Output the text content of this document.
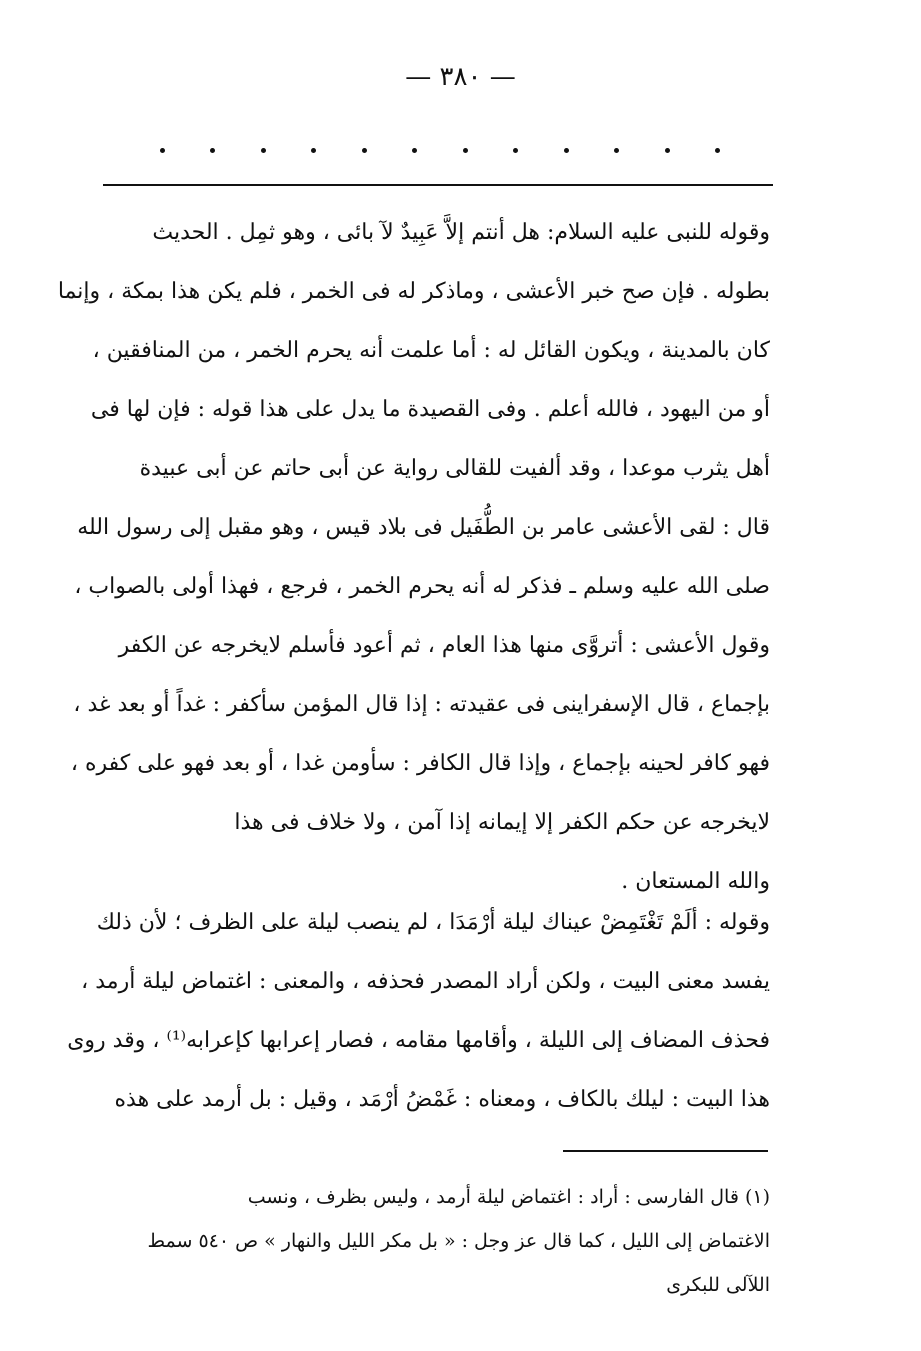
— ٣٨٠ —
وقوله للنبى عليه السلام: هل أنتم إلاَّ عَبِيدٌ لآ بائى ، وهو ثمِل . الحديث
بطوله . فإن صح خبر الأعشى ، وماذكر له فى الخمر ، فلم يكن هذا بمكة ، وإنما
كان بالمدينة ، ويكون القائل له : أما علمت أنه يحرم الخمر ، من المنافقين ،
أو من اليهود ، فالله أعلم . وفى القصيدة ما يدل على هذا قوله : فإن لها فى
أهل يثرب موعدا ، وقد ألفيت للقالى رواية عن أبى حاتم عن أبى عبيدة
قال : لقى الأعشى عامر بن الطُّفَيل فى بلاد قيس ، وهو مقبل إلى رسول الله
صلى الله عليه وسلم ـ فذكر له أنه يحرم الخمر ، فرجع ، فهذا أولى بالصواب ،
وقول الأعشى : أتروَّى منها هذا العام ، ثم أعود فأسلم لايخرجه عن الكفر
بإجماع ، قال الإسفراينى فى عقيدته : إذا قال المؤمن سأكفر : غداً أو بعد غد ،
فهو كافر لحينه بإجماع ، وإذا قال الكافر : سأومن غدا ، أو بعد فهو على كفره ،
لايخرجه عن حكم الكفر إلا إيمانه إذا آمن ، ولا خلاف فى هذا
والله المستعان .
وقوله : ألَمْ تَغْتَمِضْ عيناك ليلة أرْمَدَا ، لم ينصب ليلة على الظرف ؛ لأن ذلك
يفسد معنى البيت ، ولكن أراد المصدر فحذفه ، والمعنى : اغتماض ليلة أرمد ،
فحذف المضاف إلى الليلة ، وأقامها مقامه ، فصار إعرابها كإعرابه⁽¹⁾ ، وقد روى
هذا البيت : ليلك بالكاف ، ومعناه : غَمْضُ أرْمَد ، وقيل : بل أرمد على هذه
(١) قال الفارسى : أراد : اغتماض ليلة أرمد ، وليس بظرف ، ونسب
الاغتماض إلى الليل ، كما قال عز وجل : « بل مكر الليل والنهار » ص ٥٤٠ سمط
اللآلى للبكرى
